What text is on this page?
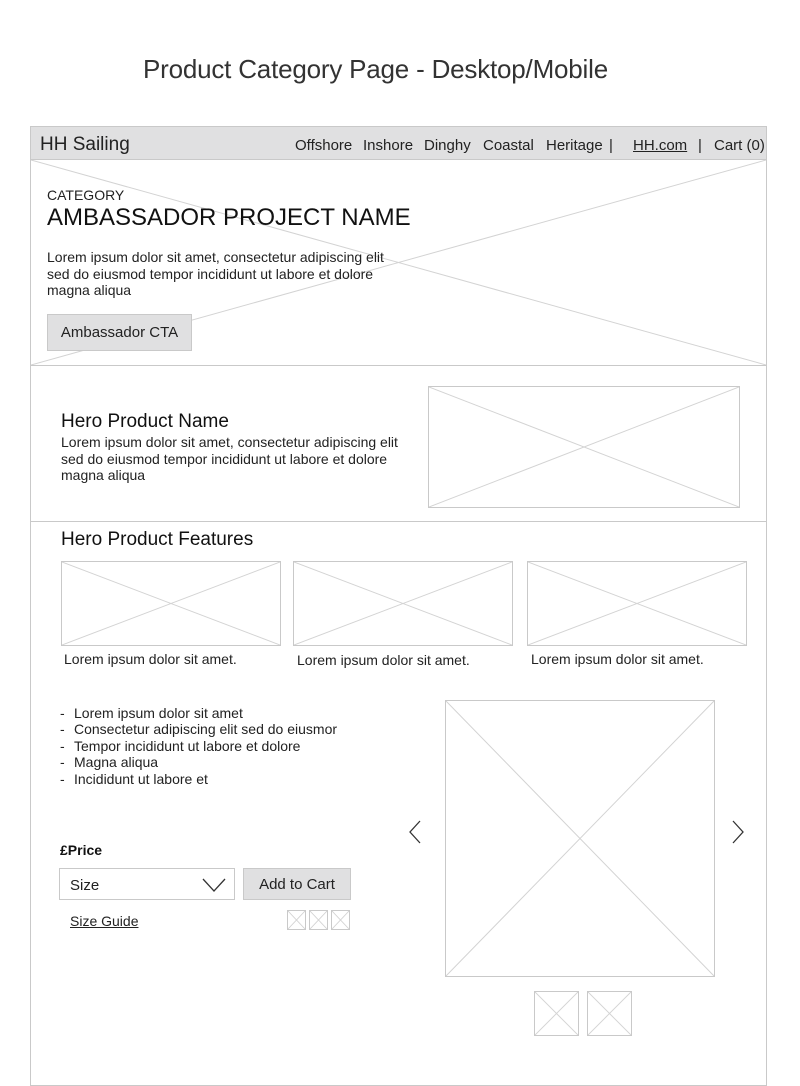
Product Category Page - Desktop/Mobile
HH Sailing	Offshore Inshore Dinghy Coastal Heritage | HH.com | Cart (0)
CATEGORY
AMBASSADOR PROJECT NAME
Lorem ipsum dolor sit amet, consectetur adipiscing elit sed do eiusmod tempor incididunt ut labore et dolore magna aliqua
Ambassador CTA
Hero Product Name
Lorem ipsum dolor sit amet, consectetur adipiscing elit sed do eiusmod tempor incididunt ut labore et dolore magna aliqua
Hero Product Features
Lorem ipsum dolor sit amet.	Lorem ipsum dolor sit amet.	Lorem ipsum dolor sit amet.
- Lorem ipsum dolor sit amet
- Consectetur adipiscing elit sed do eiusmor
- Tempor incididunt ut labore et dolore
- Magna aliqua
- Incididunt ut labore et
£Price
Size	Add to Cart
Size Guide
